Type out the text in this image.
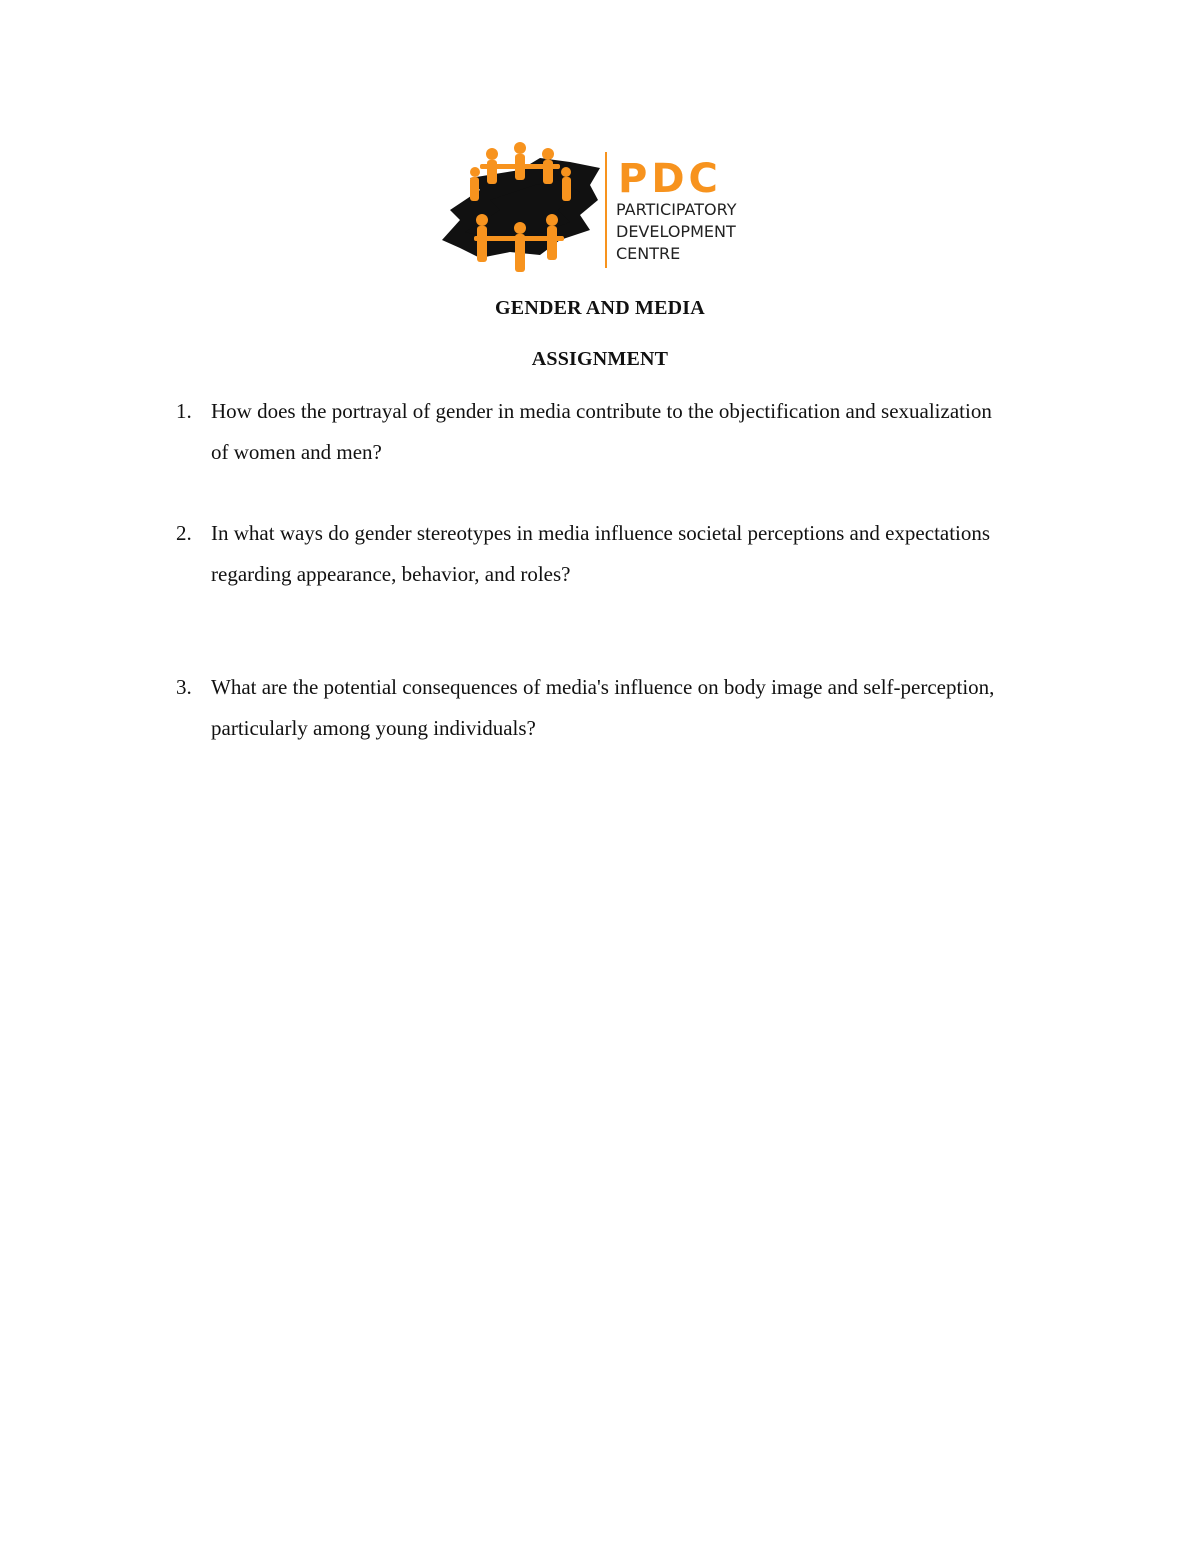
PDC
PARTICIPATORY
DEVELOPMENT
CENTRE
GENDER AND MEDIA
ASSIGNMENT
1. How does the portrayal of gender in media contribute to the objectification and sexualization of women and men?
2. In what ways do gender stereotypes in media influence societal perceptions and expectations regarding appearance, behavior, and roles?
3. What are the potential consequences of media's influence on body image and self-perception, particularly among young individuals?
